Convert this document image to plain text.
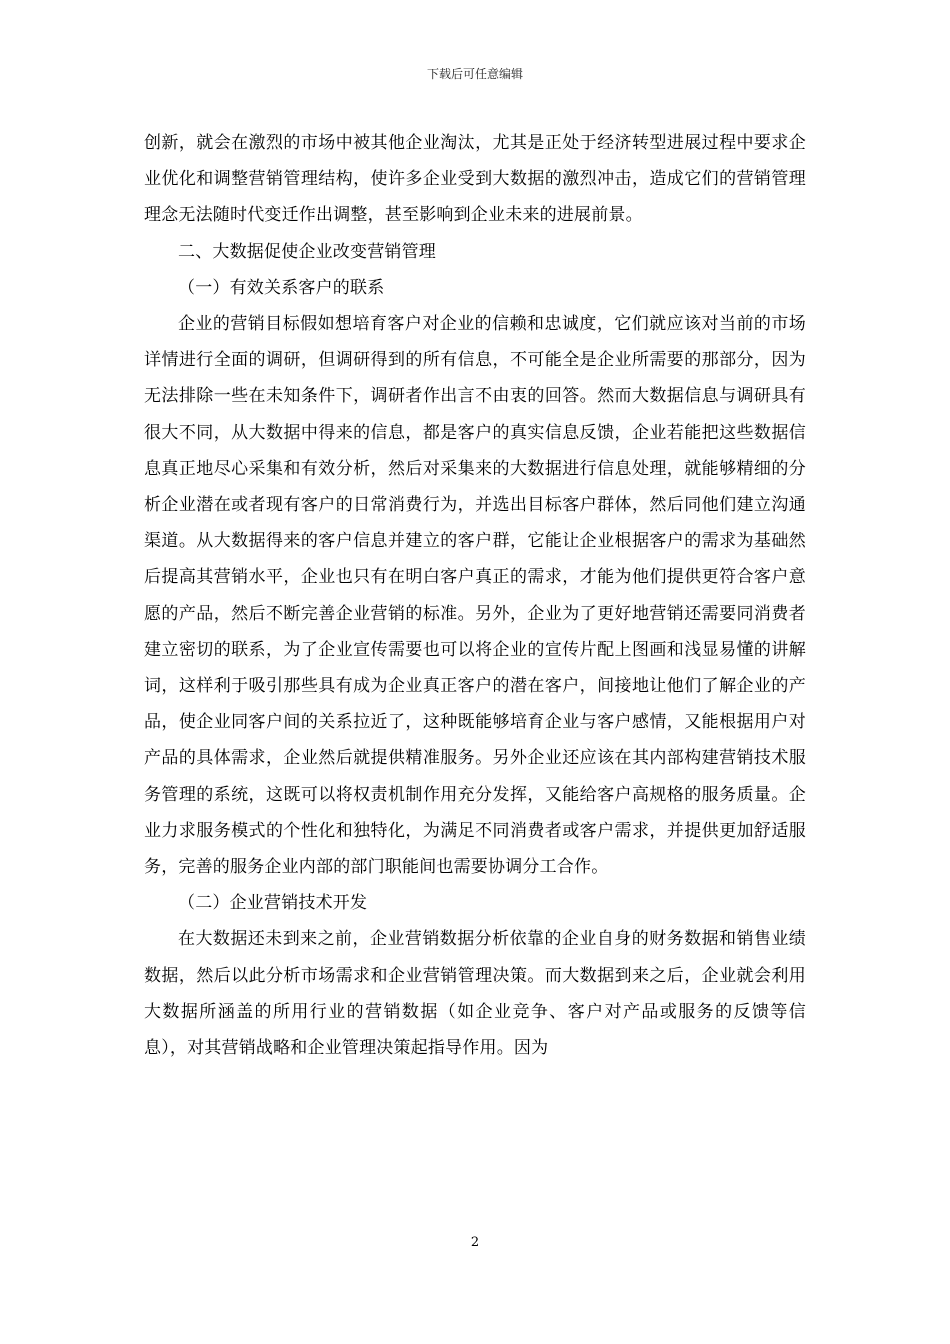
下载后可任意编辑

创新，就会在激烈的市场中被其他企业淘汰，尤其是正处于经济转型进展过程中要求企业优化和调整营销管理结构，使许多企业受到大数据的激烈冲击，造成它们的营销管理理念无法随时代变迁作出调整，甚至影响到企业未来的进展前景。

二、大数据促使企业改变营销管理

（一）有效关系客户的联系

企业的营销目标假如想培育客户对企业的信赖和忠诚度，它们就应该对当前的市场详情进行全面的调研，但调研得到的所有信息，不可能全是企业所需要的那部分，因为无法排除一些在未知条件下，调研者作出言不由衷的回答。然而大数据信息与调研具有很大不同，从大数据中得来的信息，都是客户的真实信息反馈，企业若能把这些数据信息真正地尽心采集和有效分析，然后对采集来的大数据进行信息处理，就能够精细的分析企业潜在或者现有客户的日常消费行为，并选出目标客户群体，然后同他们建立沟通渠道。从大数据得来的客户信息并建立的客户群，它能让企业根据客户的需求为基础然后提高其营销水平，企业也只有在明白客户真正的需求，才能为他们提供更符合客户意愿的产品，然后不断完善企业营销的标准。另外，企业为了更好地营销还需要同消费者建立密切的联系，为了企业宣传需要也可以将企业的宣传片配上图画和浅显易懂的讲解词，这样利于吸引那些具有成为企业真正客户的潜在客户，间接地让他们了解企业的产品，使企业同客户间的关系拉近了，这种既能够培育企业与客户感情，又能根据用户对产品的具体需求，企业然后就提供精准服务。另外企业还应该在其内部构建营销技术服务管理的系统，这既可以将权责机制作用充分发挥，又能给客户高规格的服务质量。企业力求服务模式的个性化和独特化，为满足不同消费者或客户需求，并提供更加舒适服务，完善的服务企业内部的部门职能间也需要协调分工合作。

（二）企业营销技术开发

在大数据还未到来之前，企业营销数据分析依靠的企业自身的财务数据和销售业绩数据，然后以此分析市场需求和企业营销管理决策。而大数据到来之后，企业就会利用大数据所涵盖的所用行业的营销数据（如企业竞争、客户对产品或服务的反馈等信息），对其营销战略和企业管理决策起指导作用。因为

2
